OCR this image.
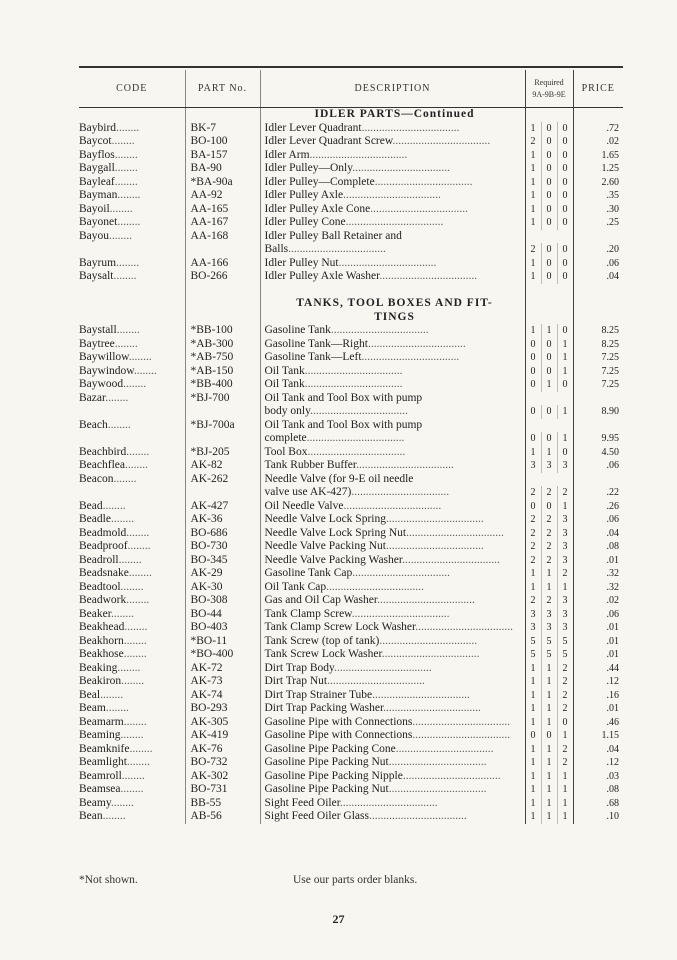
CODE	PART No.	DESCRIPTION	Required
9A-9B-9E	PRICE
		IDLER PARTS—Continued		
Baybird........	BK-7	Idler Lever Quadrant..................................	1 0 0	.72
Baycot........	BO-100	Idler Lever Quadrant Screw..................................	2 0 0	.02
Bayflos........	BA-157	Idler Arm..................................	1 0 0	1.65
Baygall........	BA-90	Idler Pulley—Only..................................	1 0 0	1.25
Bayleaf........	*BA-90a	Idler Pulley—Complete..................................	1 0 0	2.60
Bayman........	AA-92	Idler Pulley Axle..................................	1 0 0	.35
Bayoil........	AA-165	Idler Pulley Axle Cone..................................	1 0 0	.30
Bayonet........	AA-167	Idler Pulley Cone..................................	1 0 0	.25
Bayou........	AA-168	Idler Pulley Ball Retainer and	

		Balls..................................	2 0 0	.20
Bayrum........	AA-166	Idler Pulley Nut..................................	1 0 0	.06
Baysalt........	BO-266	Idler Pulley Axle Washer..................................	1 0 0	.04

		TANKS, TOOL BOXES AND FIT-		
		TINGS		
Baystall........	*BB-100	Gasoline Tank..................................	1 1 0	8.25
Baytree........	*AB-300	Gasoline Tank—Right..................................	0 0 1	8.25
Baywillow........	*AB-750	Gasoline Tank—Left..................................	0 0 1	7.25
Baywindow........	*AB-150	Oil Tank..................................	0 0 1	7.25
Baywood........	*BB-400	Oil Tank..................................	0 1 0	7.25
Bazar........	*BJ-700	Oil Tank and Tool Box with pump	

		body only..................................	0 0 1	8.90
Beach........	*BJ-700a	Oil Tank and Tool Box with pump	

		complete..................................	0 0 1	9.95
Beachbird........	*BJ-205	Tool Box..................................	1 1 0	4.50
Beachflea........	AK-82	Tank Rubber Buffer..................................	3 3 3	.06
Beacon........	AK-262	Needle Valve (for 9-E oil needle	

		valve use AK-427)..................................	2 2 2	.22
Bead........	AK-427	Oil Needle Valve..................................	0 0 1	.26
Beadle........	AK-36	Needle Valve Lock Spring..................................	2 2 3	.06
Beadmold........	BO-686	Needle Valve Lock Spring Nut..................................	2 2 3	.04
Beadproof........	BO-730	Needle Valve Packing Nut..................................	2 2 3	.08
Beadroll........	BO-345	Needle Valve Packing Washer..................................	2 2 3	.01
Beadsnake........	AK-29	Gasoline Tank Cap..................................	1 1 2	.32
Beadtool........	AK-30	Oil Tank Cap..................................	1 1 1	.32
Beadwork........	BO-308	Gas and Oil Cap Washer..................................	2 2 3	.02
Beaker........	BO-44	Tank Clamp Screw..................................	3 3 3	.06
Beakhead........	BO-403	Tank Clamp Screw Lock Washer..................................	3 3 3	.01
Beakhorn........	*BO-11	Tank Screw (top of tank)..................................	5 5 5	.01
Beakhose........	*BO-400	Tank Screw Lock Washer..................................	5 5 5	.01
Beaking........	AK-72	Dirt Trap Body..................................	1 1 2	.44
Beakiron........	AK-73	Dirt Trap Nut..................................	1 1 2	.12
Beal........	AK-74	Dirt Trap Strainer Tube..................................	1 1 2	.16
Beam........	BO-293	Dirt Trap Packing Washer..................................	1 1 2	.01
Beamarm........	AK-305	Gasoline Pipe with Connections..................................	1 1 0	.46
Beaming........	AK-419	Gasoline Pipe with Connections..................................	0 0 1	1.15
Beamknife........	AK-76	Gasoline Pipe Packing Cone..................................	1 1 2	.04
Beamlight........	BO-732	Gasoline Pipe Packing Nut..................................	1 1 2	.12
Beamroll........	AK-302	Gasoline Pipe Packing Nipple..................................	1 1 1	.03
Beamsea........	BO-731	Gasoline Pipe Packing Nut..................................	1 1 1	.08
Beamy........	BB-55	Sight Feed Oiler..................................	1 1 1	.68
Bean........	AB-56	Sight Feed Oiler Glass..................................	1 1 1	.10
*Not shown.	Use our parts order blanks.
27
